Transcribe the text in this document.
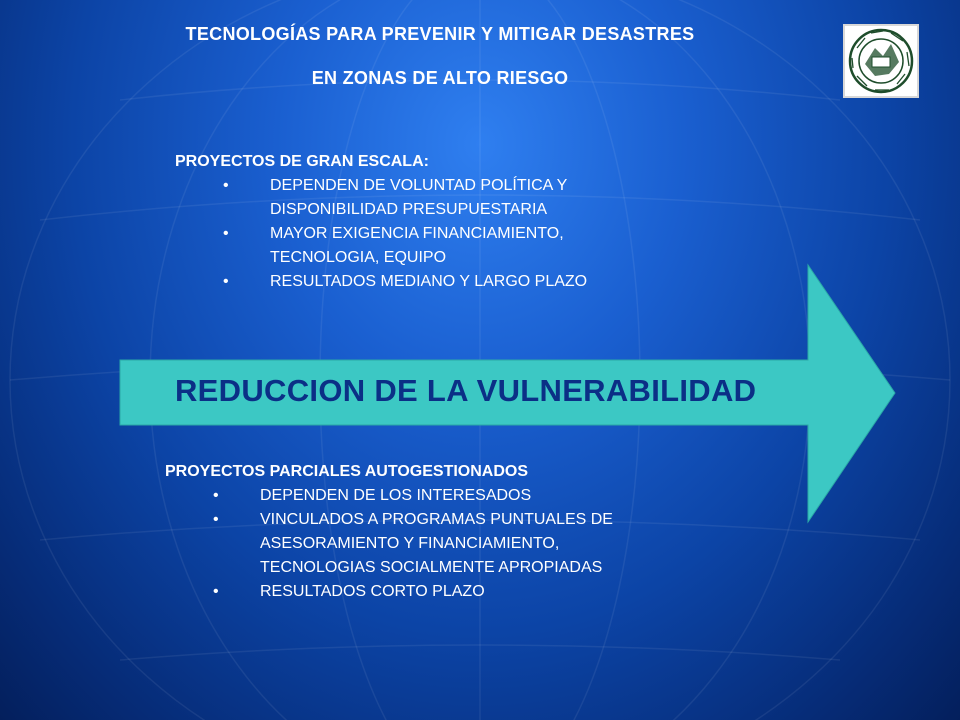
TECNOLOGÍAS PARA PREVENIR Y MITIGAR DESASTRES
EN ZONAS DE ALTO RIESGO
PROYECTOS DE GRAN ESCALA:
•	DEPENDEN DE VOLUNTAD POLÍTICA Y
DISPONIBILIDAD PRESUPUESTARIA
•	MAYOR EXIGENCIA FINANCIAMIENTO,
TECNOLOGIA, EQUIPO
•	RESULTADOS MEDIANO Y LARGO PLAZO
REDUCCION DE LA VULNERABILIDAD
PROYECTOS PARCIALES AUTOGESTIONADOS
•	DEPENDEN DE LOS INTERESADOS
•	VINCULADOS A PROGRAMAS PUNTUALES DE
ASESORAMIENTO Y FINANCIAMIENTO,
TECNOLOGIAS SOCIALMENTE APROPIADAS
•	RESULTADOS CORTO PLAZO
